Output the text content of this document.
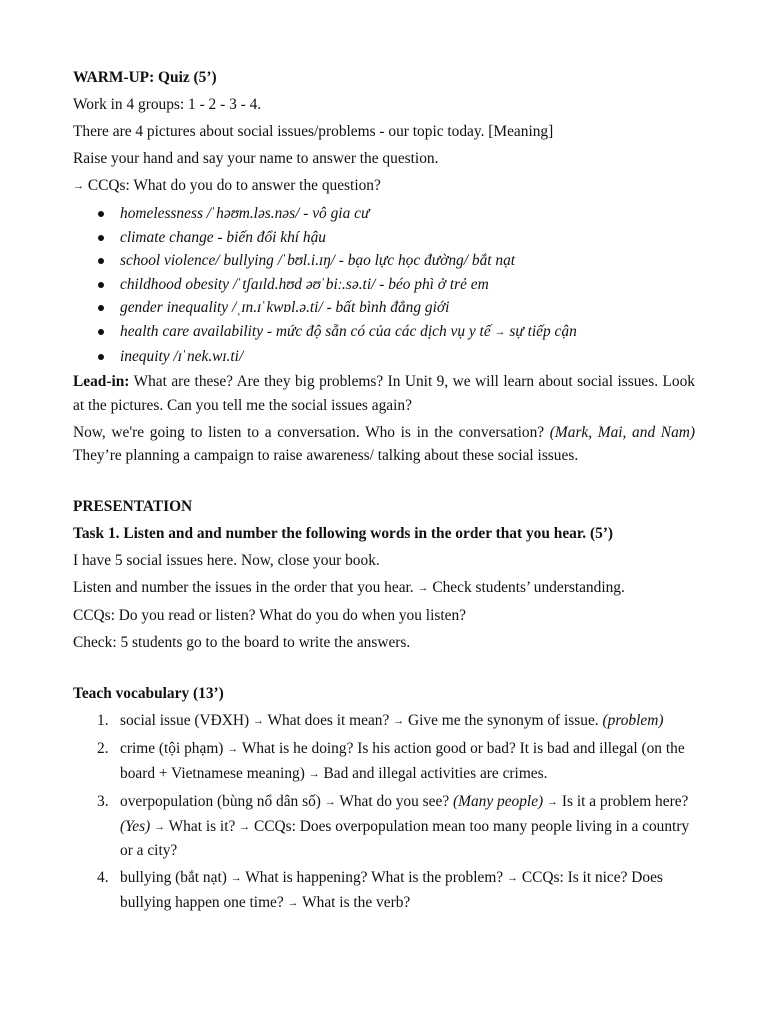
WARM-UP: Quiz (5’)

Work in 4 groups: 1 - 2 - 3 - 4.

There are 4 pictures about social issues/problems - our topic today. [Meaning]

Raise your hand and say your name to answer the question.

→ CCQs: What do you do to answer the question?

homelessness /ˈhəʊm.ləs.nəs/ - vô gia cư
climate change - biến đổi khí hậu
school violence/ bullying /ˈbʊl.i.ɪŋ/ - bạo lực học đường/ bắt nạt
childhood obesity /ˈtʃaɪld.hʊd əʊˈbiː.sə.ti/ - béo phì ở trẻ em
gender inequality /ˌɪn.ɪˈkwɒl.ə.ti/ - bất bình đẳng giới
health care availability - mức độ sẵn có của các dịch vụ y tế → sự tiếp cận
inequity /ɪˈnek.wɪ.ti/

Lead-in: What are these? Are they big problems? In Unit 9, we will learn about social issues. Look at the pictures. Can you tell me the social issues again?

Now, we're going to listen to a conversation. Who is in the conversation? (Mark, Mai, and Nam) They’re planning a campaign to raise awareness/ talking about these social issues.

PRESENTATION

Task 1. Listen and and number the following words in the order that you hear. (5’)

I have 5 social issues here. Now, close your book.

Listen and number the issues in the order that you hear. → Check students’ understanding.

CCQs: Do you read or listen? What do you do when you listen?

Check: 5 students go to the board to write the answers.

Teach vocabulary (13’)

1. social issue (VĐXH) → What does it mean? → Give me the synonym of issue. (problem)
2. crime (tội phạm) → What is he doing? Is his action good or bad? It is bad and illegal (on the board + Vietnamese meaning) → Bad and illegal activities are crimes.
3. overpopulation (bùng nổ dân số) → What do you see? (Many people) → Is it a problem here? (Yes) → What is it? → CCQs: Does overpopulation mean too many people living in a country or a city?
4. bullying (bắt nạt) → What is happening? What is the problem? → CCQs: Is it nice? Does bullying happen one time? → What is the verb?
